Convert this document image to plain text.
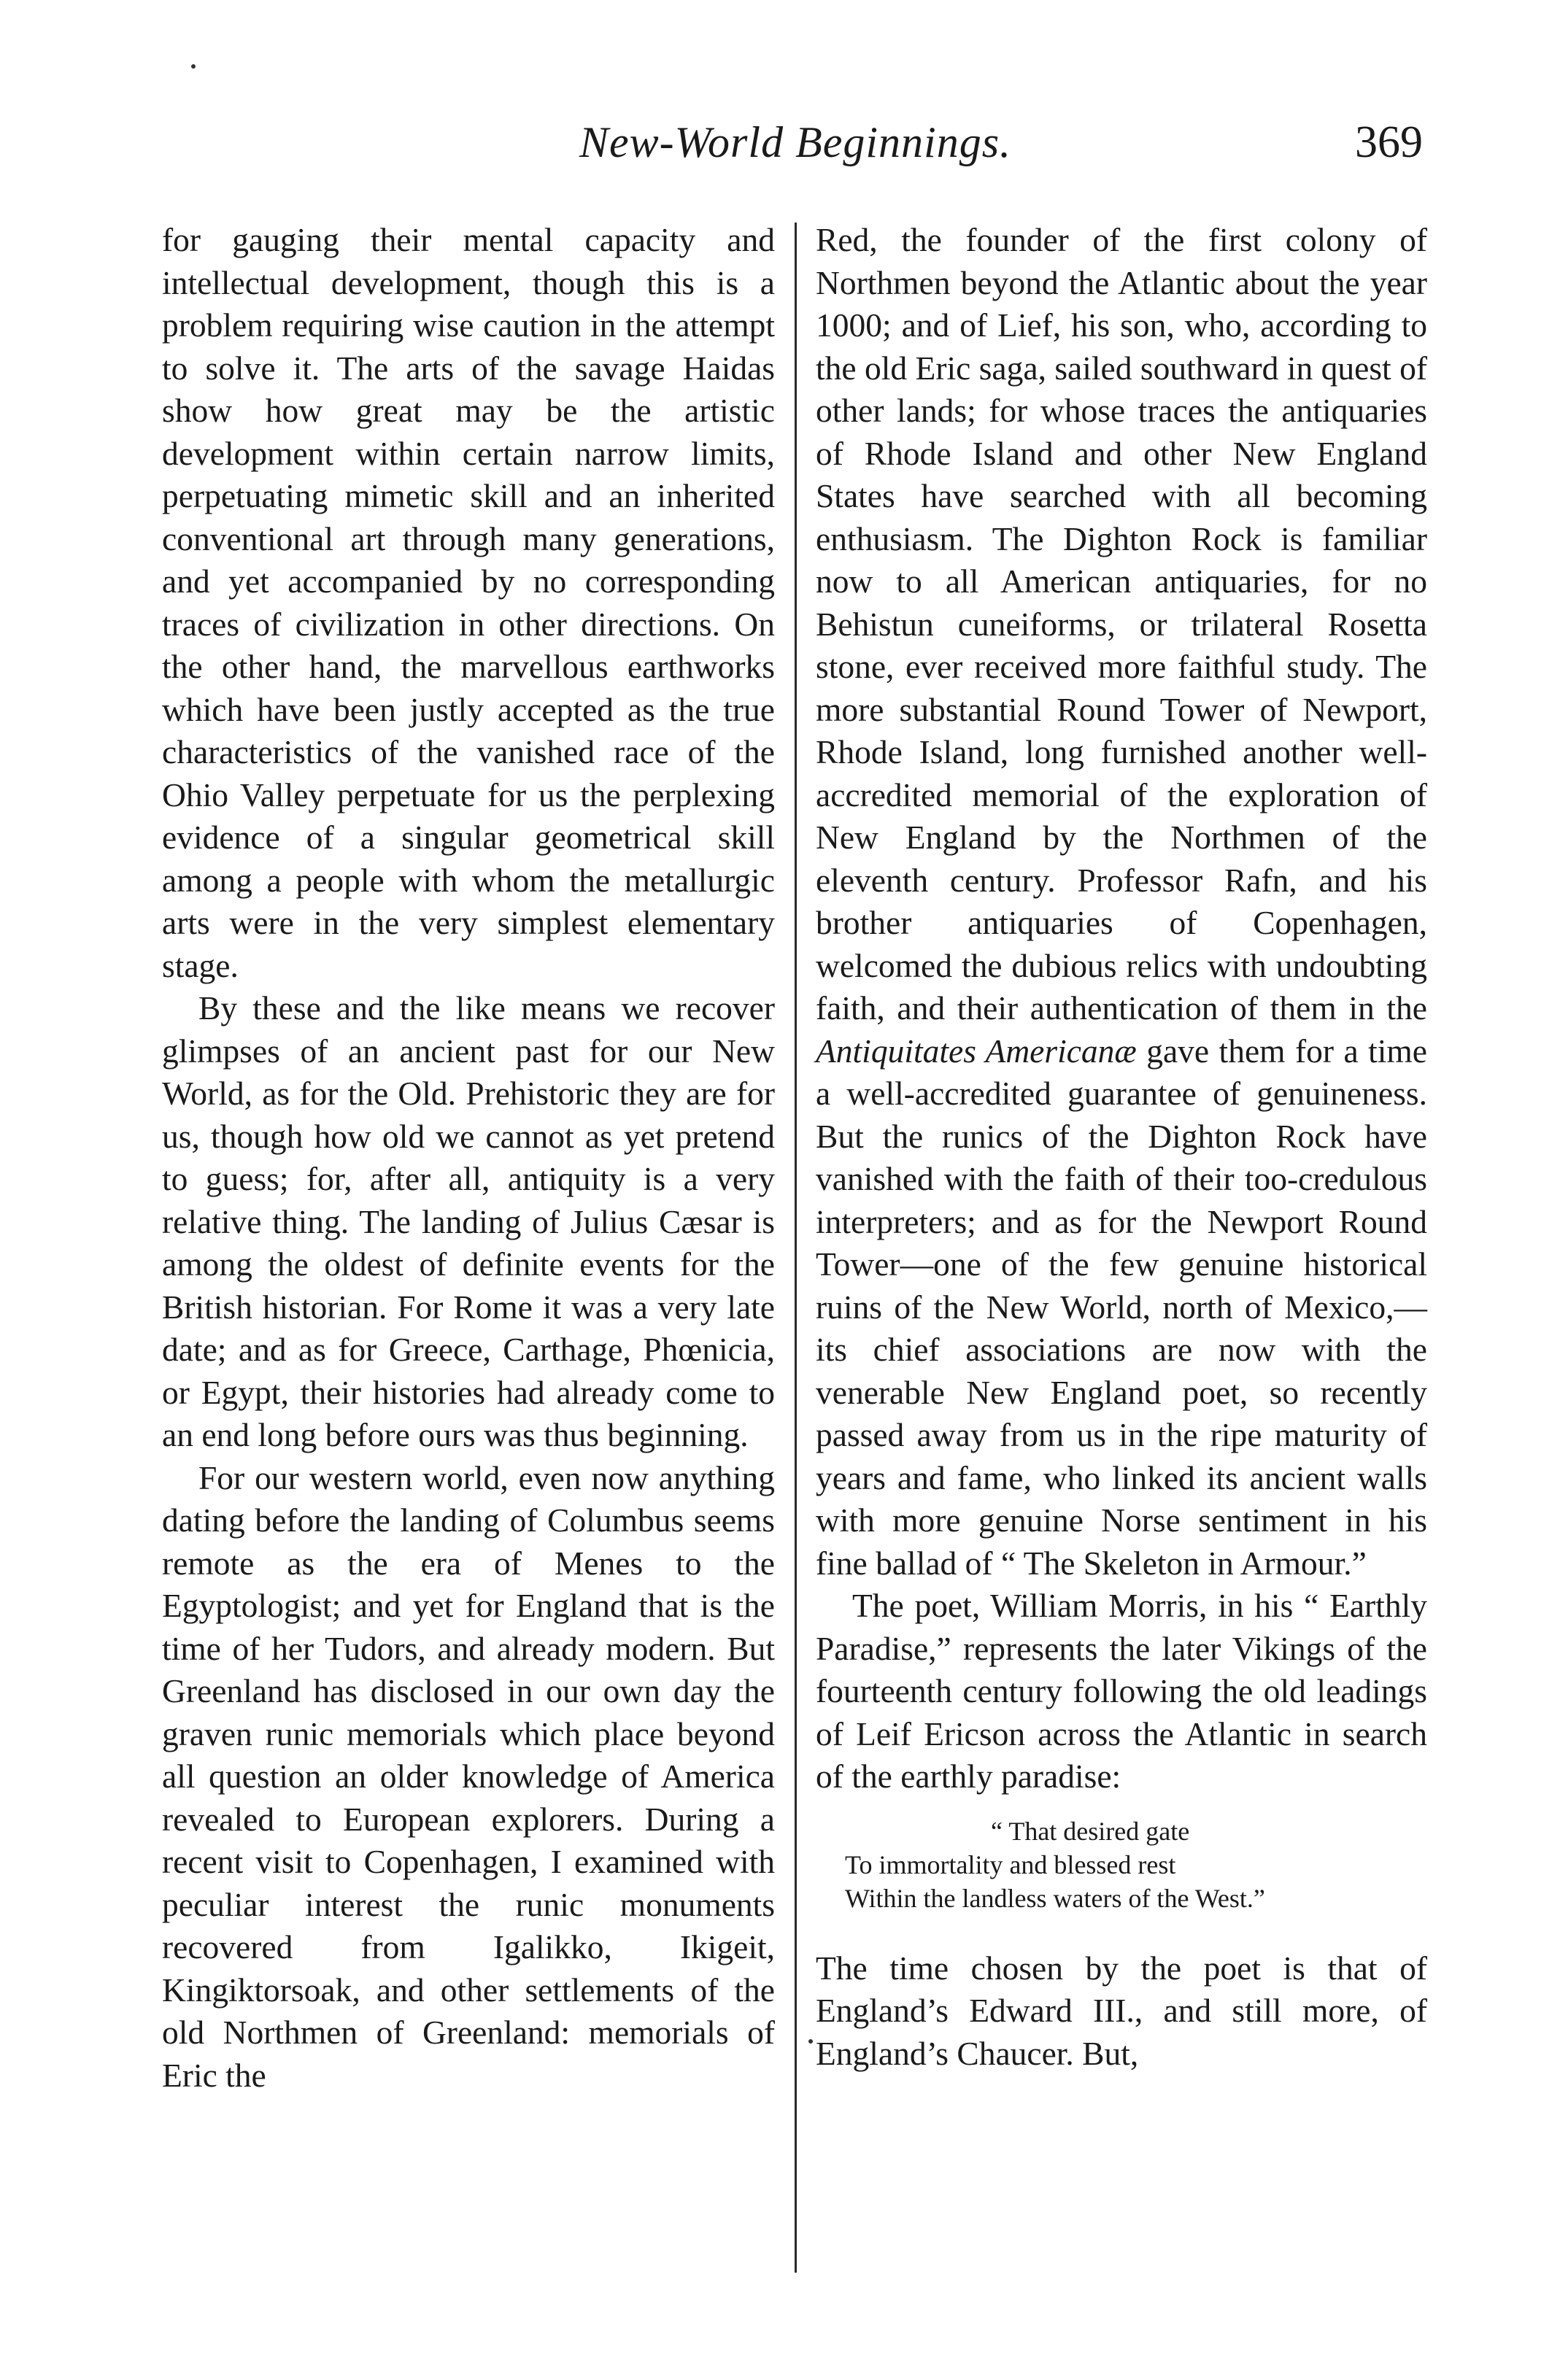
New-World Beginnings.	369

for gauging their mental capacity and intellectual development, though this is a problem requiring wise caution in the attempt to solve it. The arts of the savage Haidas show how great may be the artistic development within certain narrow limits, perpetuating mimetic skill and an inherited conventional art through many generations, and yet accompanied by no corresponding traces of civilization in other directions. On the other hand, the marvellous earthworks which have been justly accepted as the true characteristics of the vanished race of the Ohio Valley perpetuate for us the perplexing evidence of a singular geometrical skill among a people with whom the metallurgic arts were in the very simplest elementary stage.

By these and the like means we recover glimpses of an ancient past for our New World, as for the Old. Prehistoric they are for us, though how old we cannot as yet pretend to guess; for, after all, antiquity is a very relative thing. The landing of Julius Cæsar is among the oldest of definite events for the British historian. For Rome it was a very late date; and as for Greece, Carthage, Phœnicia, or Egypt, their histories had already come to an end long before ours was thus beginning.

For our western world, even now anything dating before the landing of Columbus seems remote as the era of Menes to the Egyptologist; and yet for England that is the time of her Tudors, and already modern. But Greenland has disclosed in our own day the graven runic memorials which place beyond all question an older knowledge of America revealed to European explorers. During a recent visit to Copenhagen, I examined with peculiar interest the runic monuments recovered from Igalikko, Ikigeit, Kingiktorsoak, and other settlements of the old Northmen of Greenland: memorials of Eric the

Red, the founder of the first colony of Northmen beyond the Atlantic about the year 1000; and of Lief, his son, who, according to the old Eric saga, sailed southward in quest of other lands; for whose traces the antiquaries of Rhode Island and other New England States have searched with all becoming enthusiasm. The Dighton Rock is familiar now to all American antiquaries, for no Behistun cuneiforms, or trilateral Rosetta stone, ever received more faithful study. The more substantial Round Tower of Newport, Rhode Island, long furnished another well-accredited memorial of the exploration of New England by the Northmen of the eleventh century. Professor Rafn, and his brother antiquaries of Copenhagen, welcomed the dubious relics with undoubting faith, and their authentication of them in the Antiquitates Americanæ gave them for a time a well-accredited guarantee of genuineness. But the runics of the Dighton Rock have vanished with the faith of their too-credulous interpreters; and as for the Newport Round Tower—one of the few genuine historical ruins of the New World, north of Mexico,—its chief associations are now with the venerable New England poet, so recently passed away from us in the ripe maturity of years and fame, who linked its ancient walls with more genuine Norse sentiment in his fine ballad of “ The Skeleton in Armour.”

The poet, William Morris, in his “ Earthly Paradise,” represents the later Vikings of the fourteenth century following the old leadings of Leif Ericson across the Atlantic in search of the earthly paradise:

“ That desired gate
To immortality and blessed rest
Within the landless waters of the West.”

The time chosen by the poet is that of England’s Edward III., and still more, of England’s Chaucer. But,
